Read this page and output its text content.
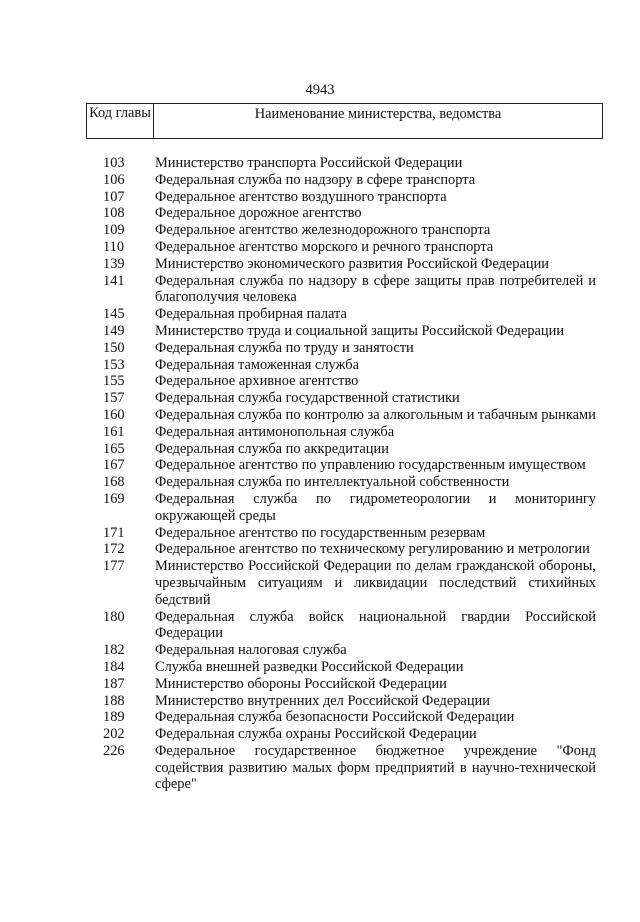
4943
Код главы	Наименование министерства, ведомства
103	Министерство транспорта Российской Федерации
106	Федеральная служба по надзору в сфере транспорта
107	Федеральное агентство воздушного транспорта
108	Федеральное дорожное агентство
109	Федеральное агентство железнодорожного транспорта
110	Федеральное агентство морского и речного транспорта
139	Министерство экономического развития Российской Федерации
141	Федеральная служба по надзору в сфере защиты прав потребителей и благополучия человека
145	Федеральная пробирная палата
149	Министерство труда и социальной защиты Российской Федерации
150	Федеральная служба по труду и занятости
153	Федеральная таможенная служба
155	Федеральное архивное агентство
157	Федеральная служба государственной статистики
160	Федеральная служба по контролю за алкогольным и табачным рынками
161	Федеральная антимонопольная служба
165	Федеральная служба по аккредитации
167	Федеральное агентство по управлению государственным имуществом
168	Федеральная служба по интеллектуальной собственности
169	Федеральная служба по гидрометеорологии и мониторингу окружающей среды
171	Федеральное агентство по государственным резервам
172	Федеральное агентство по техническому регулированию и метрологии
177	Министерство Российской Федерации по делам гражданской обороны, чрезвычайным ситуациям и ликвидации последствий стихийных бедствий
180	Федеральная служба войск национальной гвардии Российской Федерации
182	Федеральная налоговая служба
184	Служба внешней разведки Российской Федерации
187	Министерство обороны Российской Федерации
188	Министерство внутренних дел Российской Федерации
189	Федеральная служба безопасности Российской Федерации
202	Федеральная служба охраны Российской Федерации
226	Федеральное государственное бюджетное учреждение "Фонд содействия развитию малых форм предприятий в научно-технической сфере"
